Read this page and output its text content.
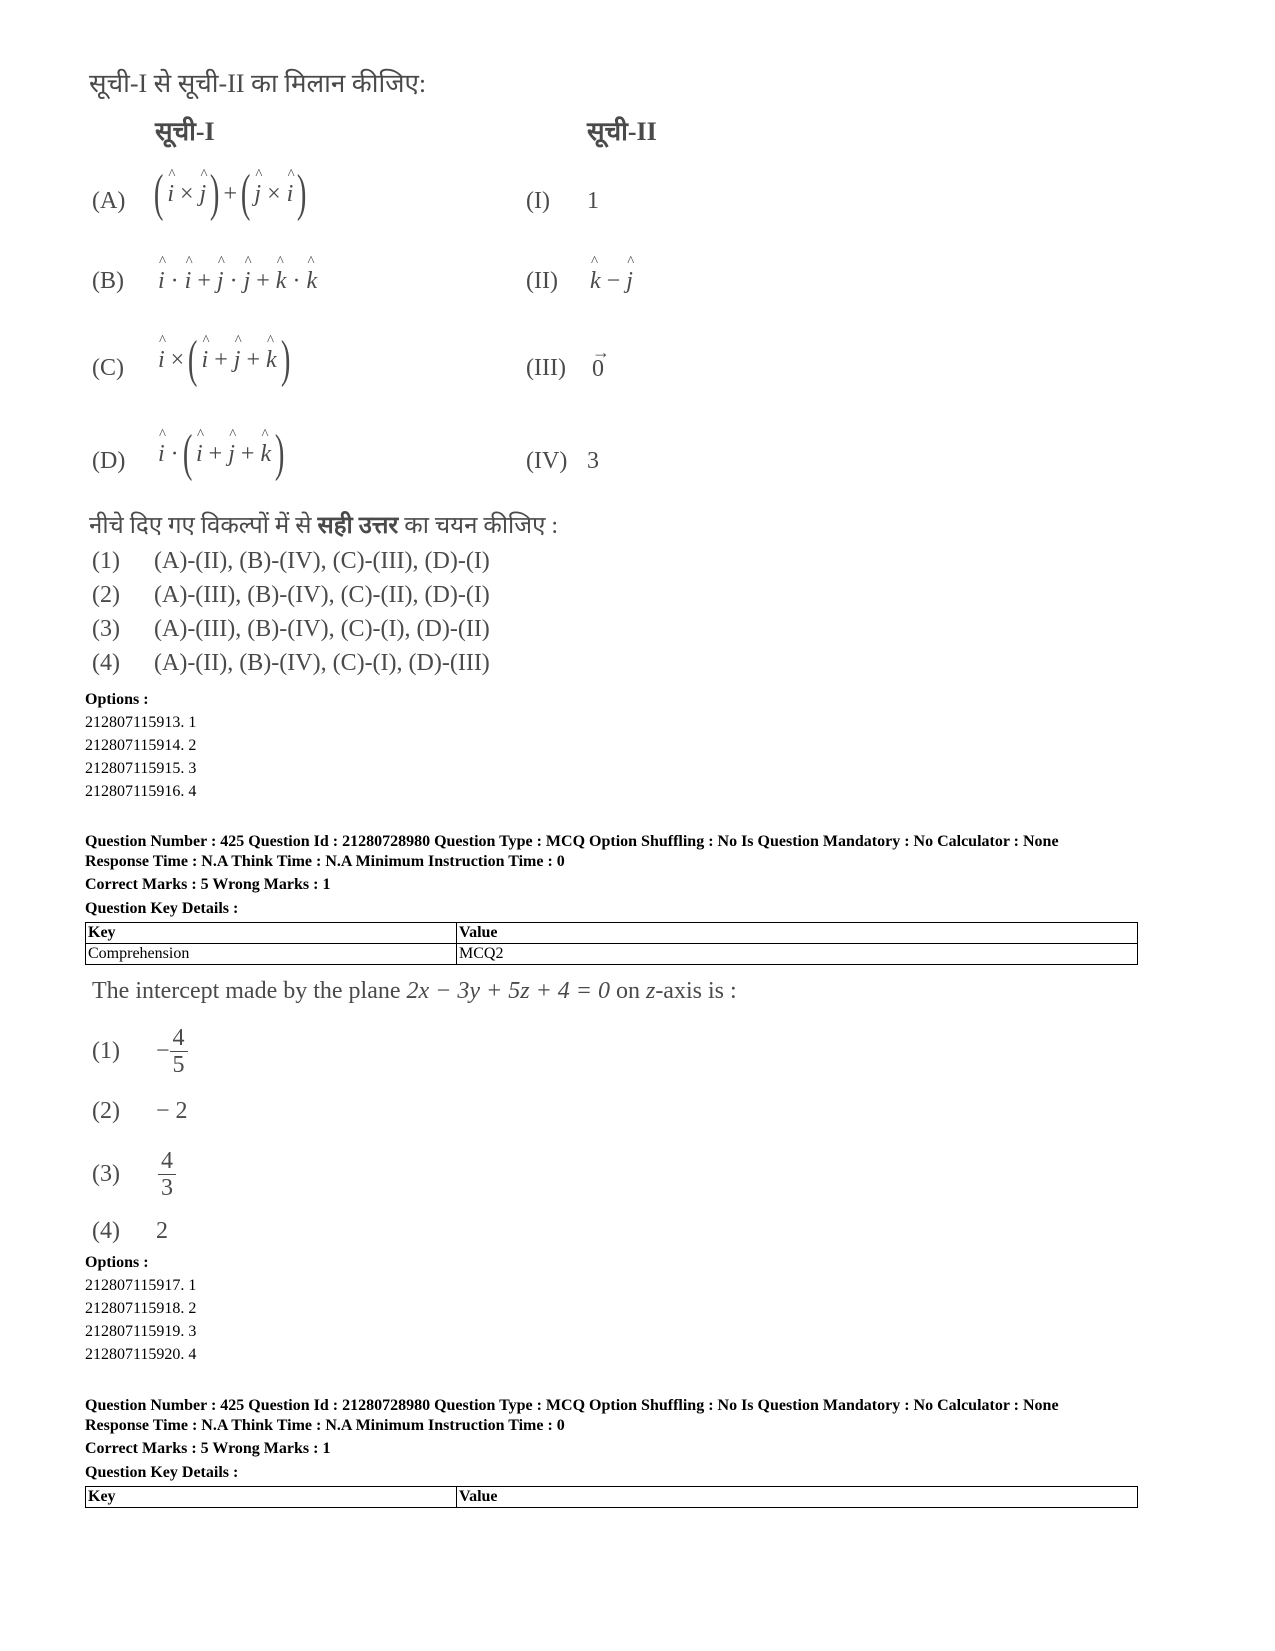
सूची-I से सूची-II का मिलान कीजिए:
सूची-I	सूची-II
(A) ( ^ i × ^ j)+( ^ j × ^ i)	(I) 1
(B) ^ i · ^ i + ^ j · ^ j + ^ k · ^ k	(II) ^ k − ^ j
(C) ^ i ×( ^ i + ^ j + ^ k)	(III)
→
0
(D) ^ i ·( ^ i + ^ j + ^ k)	(IV) 3
नीचे दिए गए विकल्पों में से सही उत्तर का चयन कीजिए :
(1) (A)-(II), (B)-(IV), (C)-(III), (D)-(I)
(2) (A)-(III), (B)-(IV), (C)-(II), (D)-(I)
(3) (A)-(III), (B)-(IV), (C)-(I), (D)-(II)
(4) (A)-(II), (B)-(IV), (C)-(I), (D)-(III)
Options :
212807115913. 1
212807115914. 2
212807115915. 3
212807115916. 4
Question Number : 425 Question Id : 21280728980 Question Type : MCQ Option Shuffling : No Is Question Mandatory : No Calculator : None
Response Time : N.A Think Time : N.A Minimum Instruction Time : 0
Correct Marks : 5 Wrong Marks : 1
Question Key Details :
Key	Value
Comprehension	MCQ2
The intercept made by the plane 2x − 3y + 5z + 4 = 0 on z-axis is :
$(1) - \frac{4}{5}$
(2) − 2
$(3) \frac{4}{3}$
(4) 2
Options :
212807115917. 1
212807115918. 2
212807115919. 3
212807115920. 4
Question Number : 425 Question Id : 21280728980 Question Type : MCQ Option Shuffling : No Is Question Mandatory : No Calculator : None
Response Time : N.A Think Time : N.A Minimum Instruction Time : 0
Correct Marks : 5 Wrong Marks : 1
Question Key Details :
Key	Value
